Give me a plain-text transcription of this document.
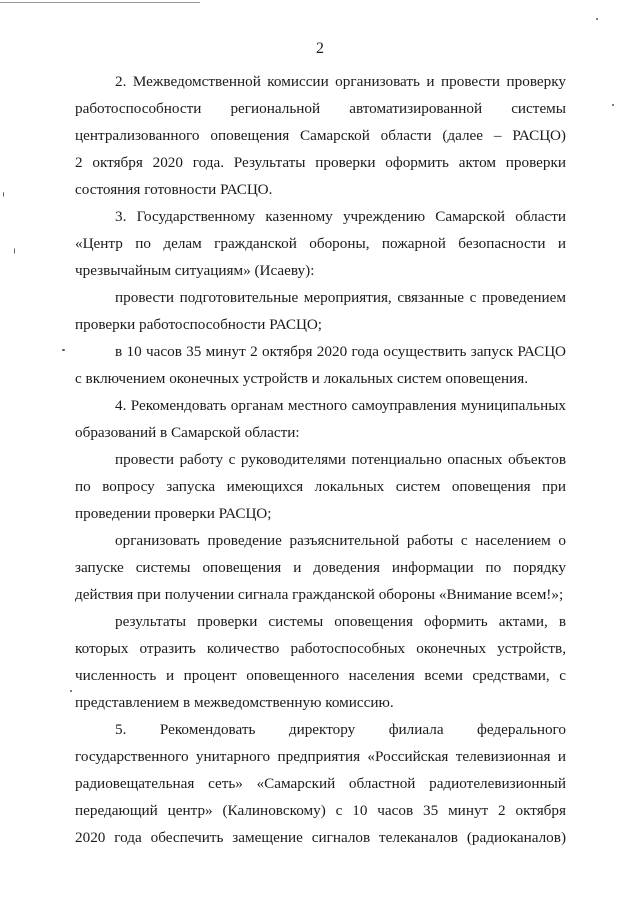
2
2. Межведомственной комиссии организовать и провести проверку
работоспособности региональной автоматизированной системы
централизованного оповещения Самарской области (далее – РАСЦО)
2 октября 2020 года. Результаты проверки оформить актом проверки
состояния готовности РАСЦО.
3. Государственному казенному учреждению Самарской области
«Центр по делам гражданской обороны, пожарной безопасности и
чрезвычайным ситуациям» (Исаеву):
провести подготовительные мероприятия, связанные с проведением
проверки работоспособности РАСЦО;
в 10 часов 35 минут 2 октября 2020 года осуществить запуск РАСЦО
с включением оконечных устройств и локальных систем оповещения.
4. Рекомендовать органам местного самоуправления муниципальных
образований в Самарской области:
провести работу с руководителями потенциально опасных объектов
по вопросу запуска имеющихся локальных систем оповещения при
проведении проверки РАСЦО;
организовать проведение разъяснительной работы с населением о
запуске системы оповещения и доведения информации по порядку
действия при получении сигнала гражданской обороны «Внимание всем!»;
результаты проверки системы оповещения оформить актами, в
которых отразить количество работоспособных оконечных устройств,
численность и процент оповещенного населения всеми средствами, с
представлением в межведомственную комиссию.
5. Рекомендовать директору филиала федерального
государственного унитарного предприятия «Российская телевизионная и
радиовещательная сеть» «Самарский областной радиотелевизионный
передающий центр» (Калиновскому) с 10 часов 35 минут 2 октября
2020 года обеспечить замещение сигналов телеканалов (радиоканалов)
